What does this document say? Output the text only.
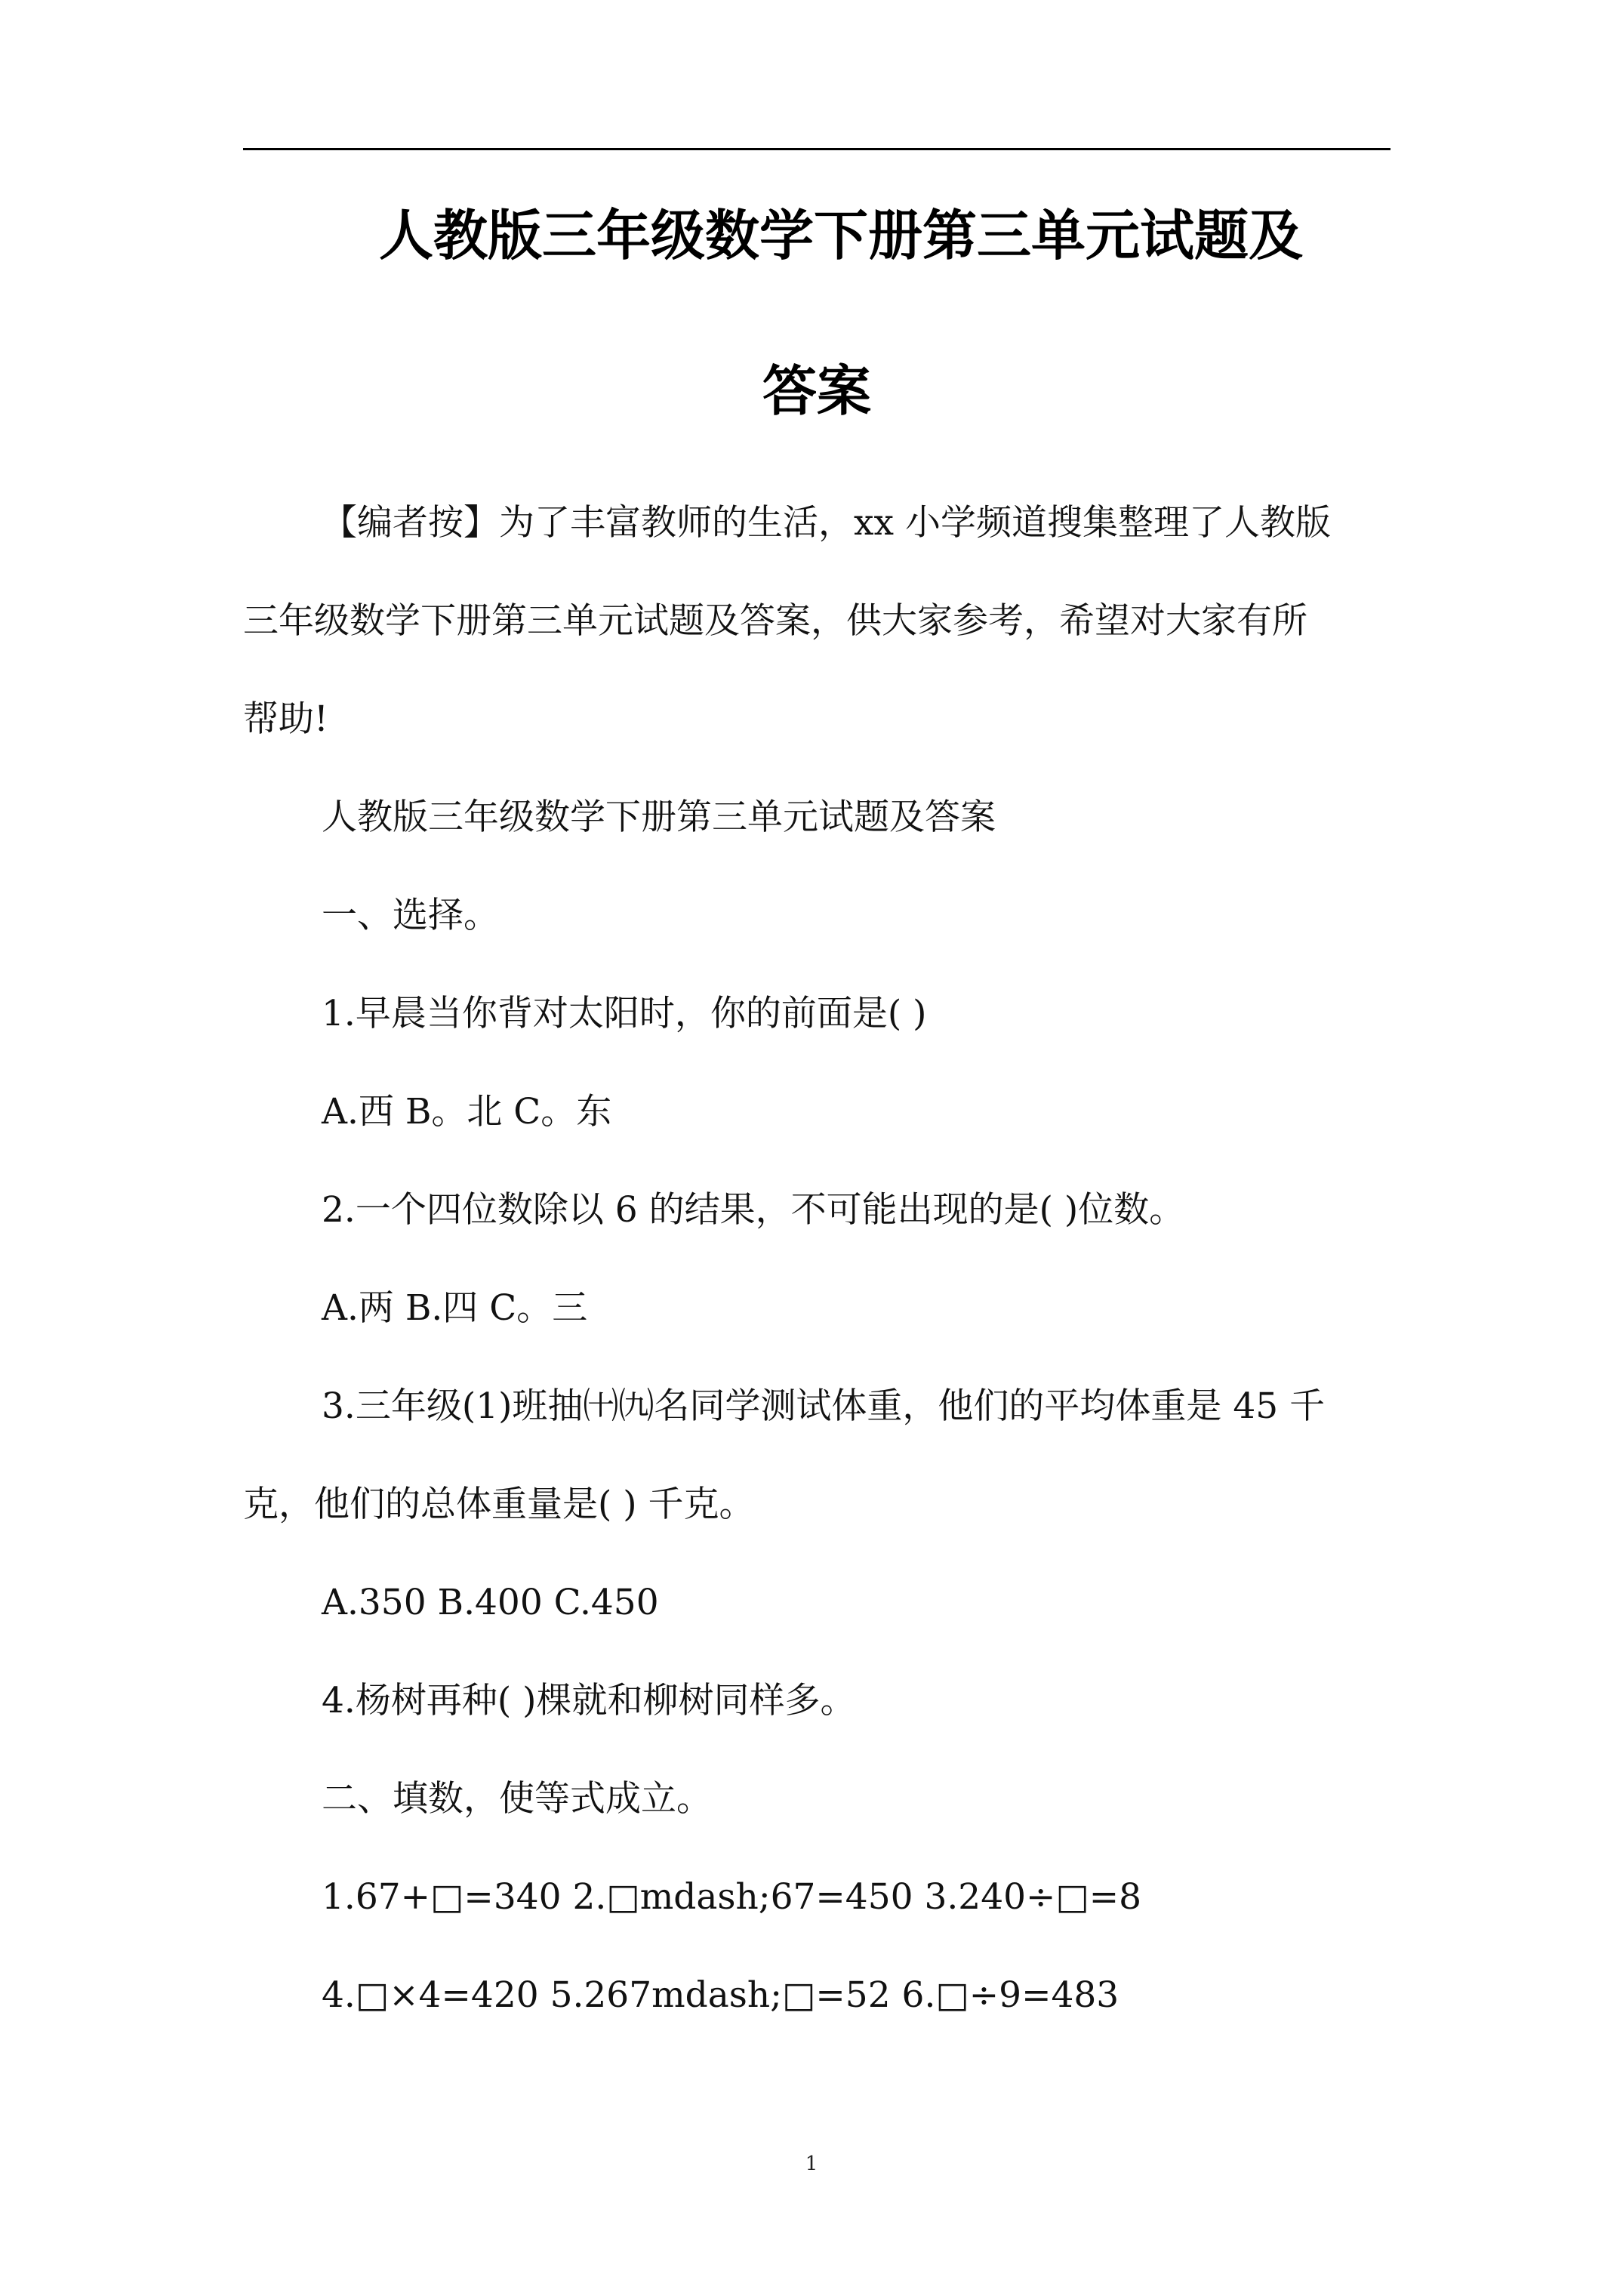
人教版三年级数学下册第三单元试题及
答案

【编者按】为了丰富教师的生活，xx 小学频道搜集整理了人教版

三年级数学下册第三单元试题及答案，供大家参考，希望对大家有所

帮助!

人教版三年级数学下册第三单元试题及答案

一、选择。

1.早晨当你背对太阳时，你的前面是( )

A.西 B。北 C。东

2.一个四位数除以 6 的结果，不可能出现的是( )位数。

A.两 B.四 C。三

3.三年级(1)班抽㈩㈨名同学测试体重，他们的平均体重是 45 千

克，他们的总体重量是( ) 千克。

A.350 B.400 C.450

4.杨树再种( )棵就和柳树同样多。

二、填数，使等式成立。

1.67+□=340 2.□mdash;67=450 3.240÷□=8

4.□×4=420 5.267mdash;□=52 6.□÷9=483

1
